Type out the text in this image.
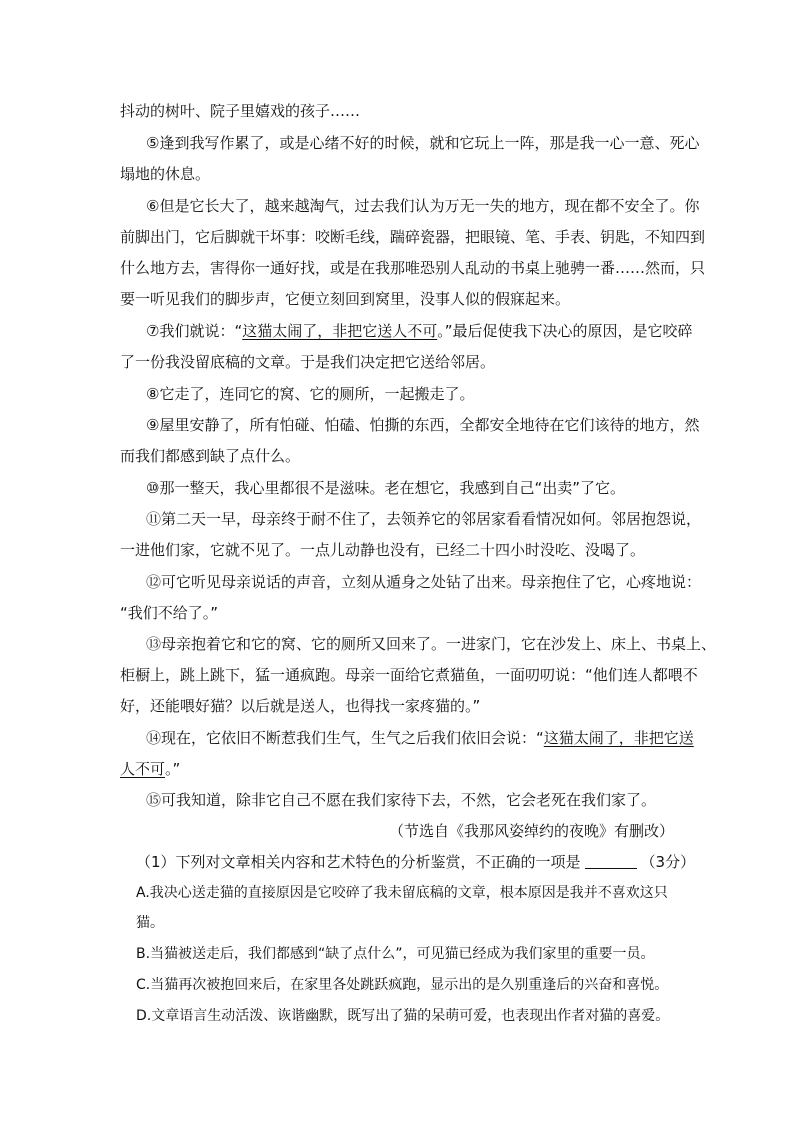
抖动的树叶、院子里嬉戏的孩子……
⑤逢到我写作累了，或是心绪不好的时候，就和它玩上一阵，那是我一心一意、死心
塌地的休息。
⑥但是它长大了，越来越淘气，过去我们认为万无一失的地方，现在都不安全了。你
前脚出门，它后脚就干坏事：咬断毛线，踹碎瓷器，把眼镜、笔、手表、钥匙，不知四到
什么地方去，害得你一通好找，或是在我那唯恐别人乱动的书桌上驰骋一番……然而，只
要一听见我们的脚步声，它便立刻回到窝里，没事人似的假寐起来。
⑦我们就说：“这猫太闹了，非把它送人不可。”最后促使我下决心的原因，是它咬碎
了一份我没留底稿的文章。于是我们决定把它送给邻居。
⑧它走了，连同它的窝、它的厕所，一起搬走了。
⑨屋里安静了，所有怕碰、怕磕、怕撕的东西，全都安全地待在它们该待的地方，然
而我们都感到缺了点什么。
⑩那一整天，我心里都很不是滋味。老在想它，我感到自己“出卖”了它。
⑪第二天一早，母亲终于耐不住了，去领养它的邻居家看看情况如何。邻居抱怨说，
一进他们家，它就不见了。一点儿动静也没有，已经二十四小时没吃、没喝了。
⑫可它听见母亲说话的声音，立刻从遁身之处钻了出来。母亲抱住了它，心疼地说：
“我们不给了。”
⑬母亲抱着它和它的窝、它的厕所又回来了。一进家门，它在沙发上、床上、书桌上、
柜橱上，跳上跳下，猛一通疯跑。母亲一面给它煮猫鱼，一面叨叨说：“他们连人都喂不
好，还能喂好猫？以后就是送人，也得找一家疼猫的。”
⑭现在，它依旧不断惹我们生气，生气之后我们依旧会说：“这猫太闹了，非把它送
人不可。”
⑮可我知道，除非它自己不愿在我们家待下去，不然，它会老死在我们家了。
（节选自《我那风姿绰约的夜晚》有删改）
（1）下列对文章相关内容和艺术特色的分析鉴赏，不正确的一项是	（3分）
A.我决心送走猫的直接原因是它咬碎了我未留底稿的文章，根本原因是我并不喜欢这只
猫。
B.当猫被送走后，我们都感到“缺了点什么”，可见猫已经成为我们家里的重要一员。
C.当猫再次被抱回来后，在家里各处跳跃疯跑，显示出的是久别重逢后的兴奋和喜悦。
D.文章语言生动活泼、诙谐幽默，既写出了猫的呆萌可爱，也表现出作者对猫的喜爱。
